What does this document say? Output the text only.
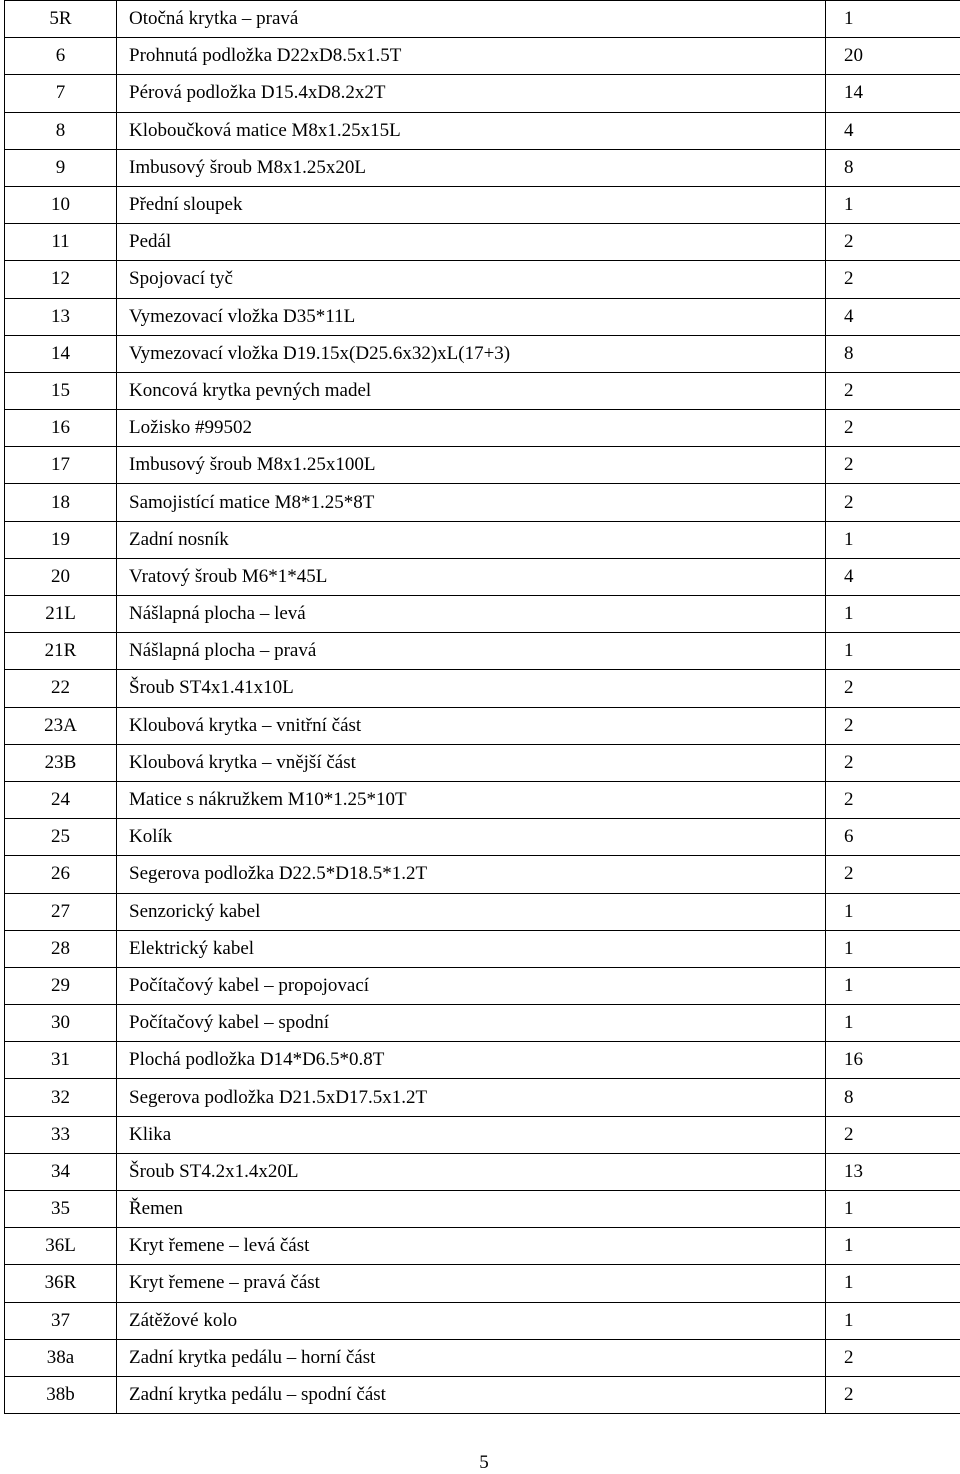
5R	Otočná krytka – pravá	1
6	Prohnutá podložka D22xD8.5x1.5T	20
7	Pérová podložka D15.4xD8.2x2T	14
8	Kloboučková matice M8x1.25x15L	4
9	Imbusový šroub M8x1.25x20L	8
10	Přední sloupek	1
11	Pedál	2
12	Spojovací tyč	2
13	Vymezovací vložka D35*11L	4
14	Vymezovací vložka D19.15x(D25.6x32)xL(17+3)	8
15	Koncová krytka pevných madel	2
16	Ložisko #99502	2
17	Imbusový šroub M8x1.25x100L	2
18	Samojistící matice M8*1.25*8T	2
19	Zadní nosník	1
20	Vratový šroub M6*1*45L	4
21L	Nášlapná plocha – levá	1
21R	Nášlapná plocha – pravá	1
22	Šroub ST4x1.41x10L	2
23A	Kloubová krytka – vnitřní část	2
23B	Kloubová krytka – vnější část	2
24	Matice s nákružkem M10*1.25*10T	2
25	Kolík	6
26	Segerova podložka D22.5*D18.5*1.2T	2
27	Senzorický kabel	1
28	Elektrický kabel	1
29	Počítačový kabel – propojovací	1
30	Počítačový kabel – spodní	1
31	Plochá podložka D14*D6.5*0.8T	16
32	Segerova podložka D21.5xD17.5x1.2T	8
33	Klika	2
34	Šroub ST4.2x1.4x20L	13
35	Řemen	1
36L	Kryt řemene – levá část	1
36R	Kryt řemene – pravá část	1
37	Zátěžové kolo	1
38a	Zadní krytka pedálu – horní část	2
38b	Zadní krytka pedálu – spodní část	2
5
